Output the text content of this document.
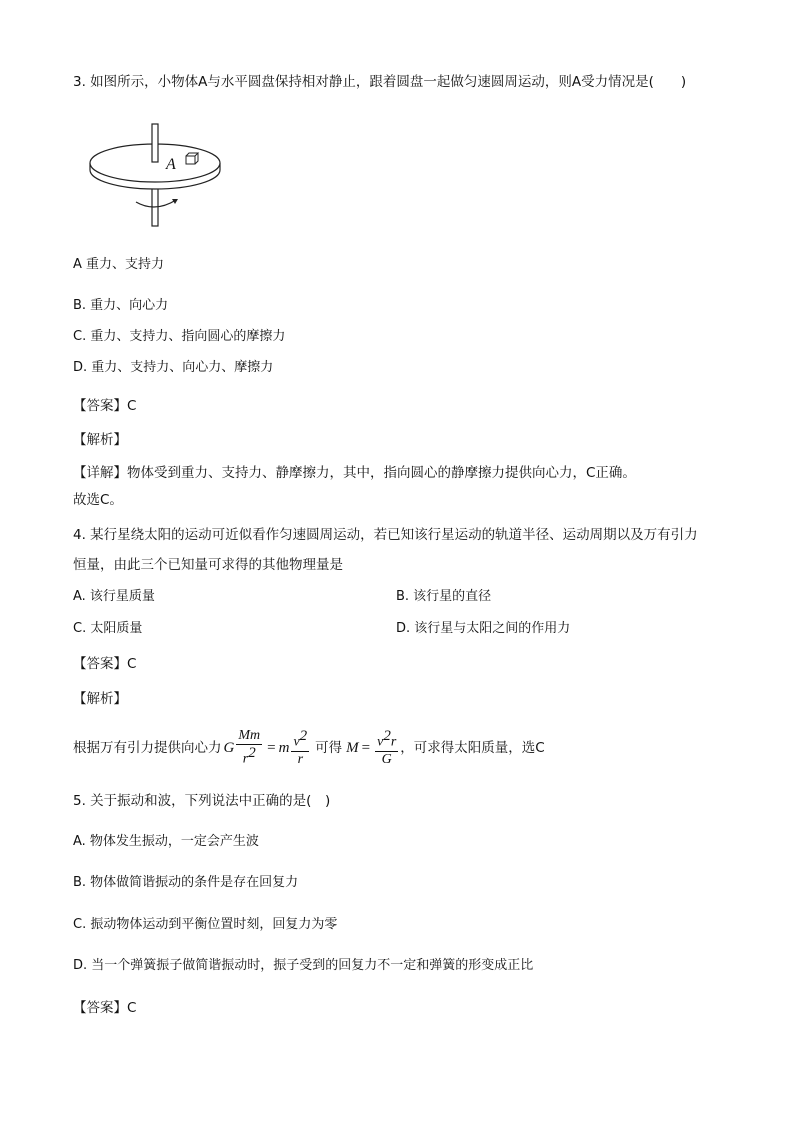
3. 如图所示，小物体A与水平圆盘保持相对静止，跟着圆盘一起做匀速圆周运动，则A受力情况是(　　)
A
A 重力、支持力
B. 重力、向心力
C. 重力、支持力、指向圆心的摩擦力
D. 重力、支持力、向心力、摩擦力
【答案】C
【解析】
【详解】物体受到重力、支持力、静摩擦力，其中，指向圆心的静摩擦力提供向心力，C正确。
故选C。
4. 某行星绕太阳的运动可近似看作匀速圆周运动，若已知该行星运动的轨道半径、运动周期以及万有引力
恒量，由此三个已知量可求得的其他物理量是
A. 该行星质量	B. 该行星的直径
C. 太阳质量	D. 该行星与太阳之间的作用力
【答案】C
【解析】
根据万有引力提供向心力 G $\frac{Mm}{r^2} = m \frac{v^2}{r}$ 可得 $M = \frac{v^2r}{G}$ ，可求得太阳质量，选C
5. 关于振动和波，下列说法中正确的是(　)
A. 物体发生振动，一定会产生波
B. 物体做简谐振动的条件是存在回复力
C. 振动物体运动到平衡位置时刻，回复力为零
D. 当一个弹簧振子做简谐振动时，振子受到的回复力不一定和弹簧的形变成正比
【答案】C
